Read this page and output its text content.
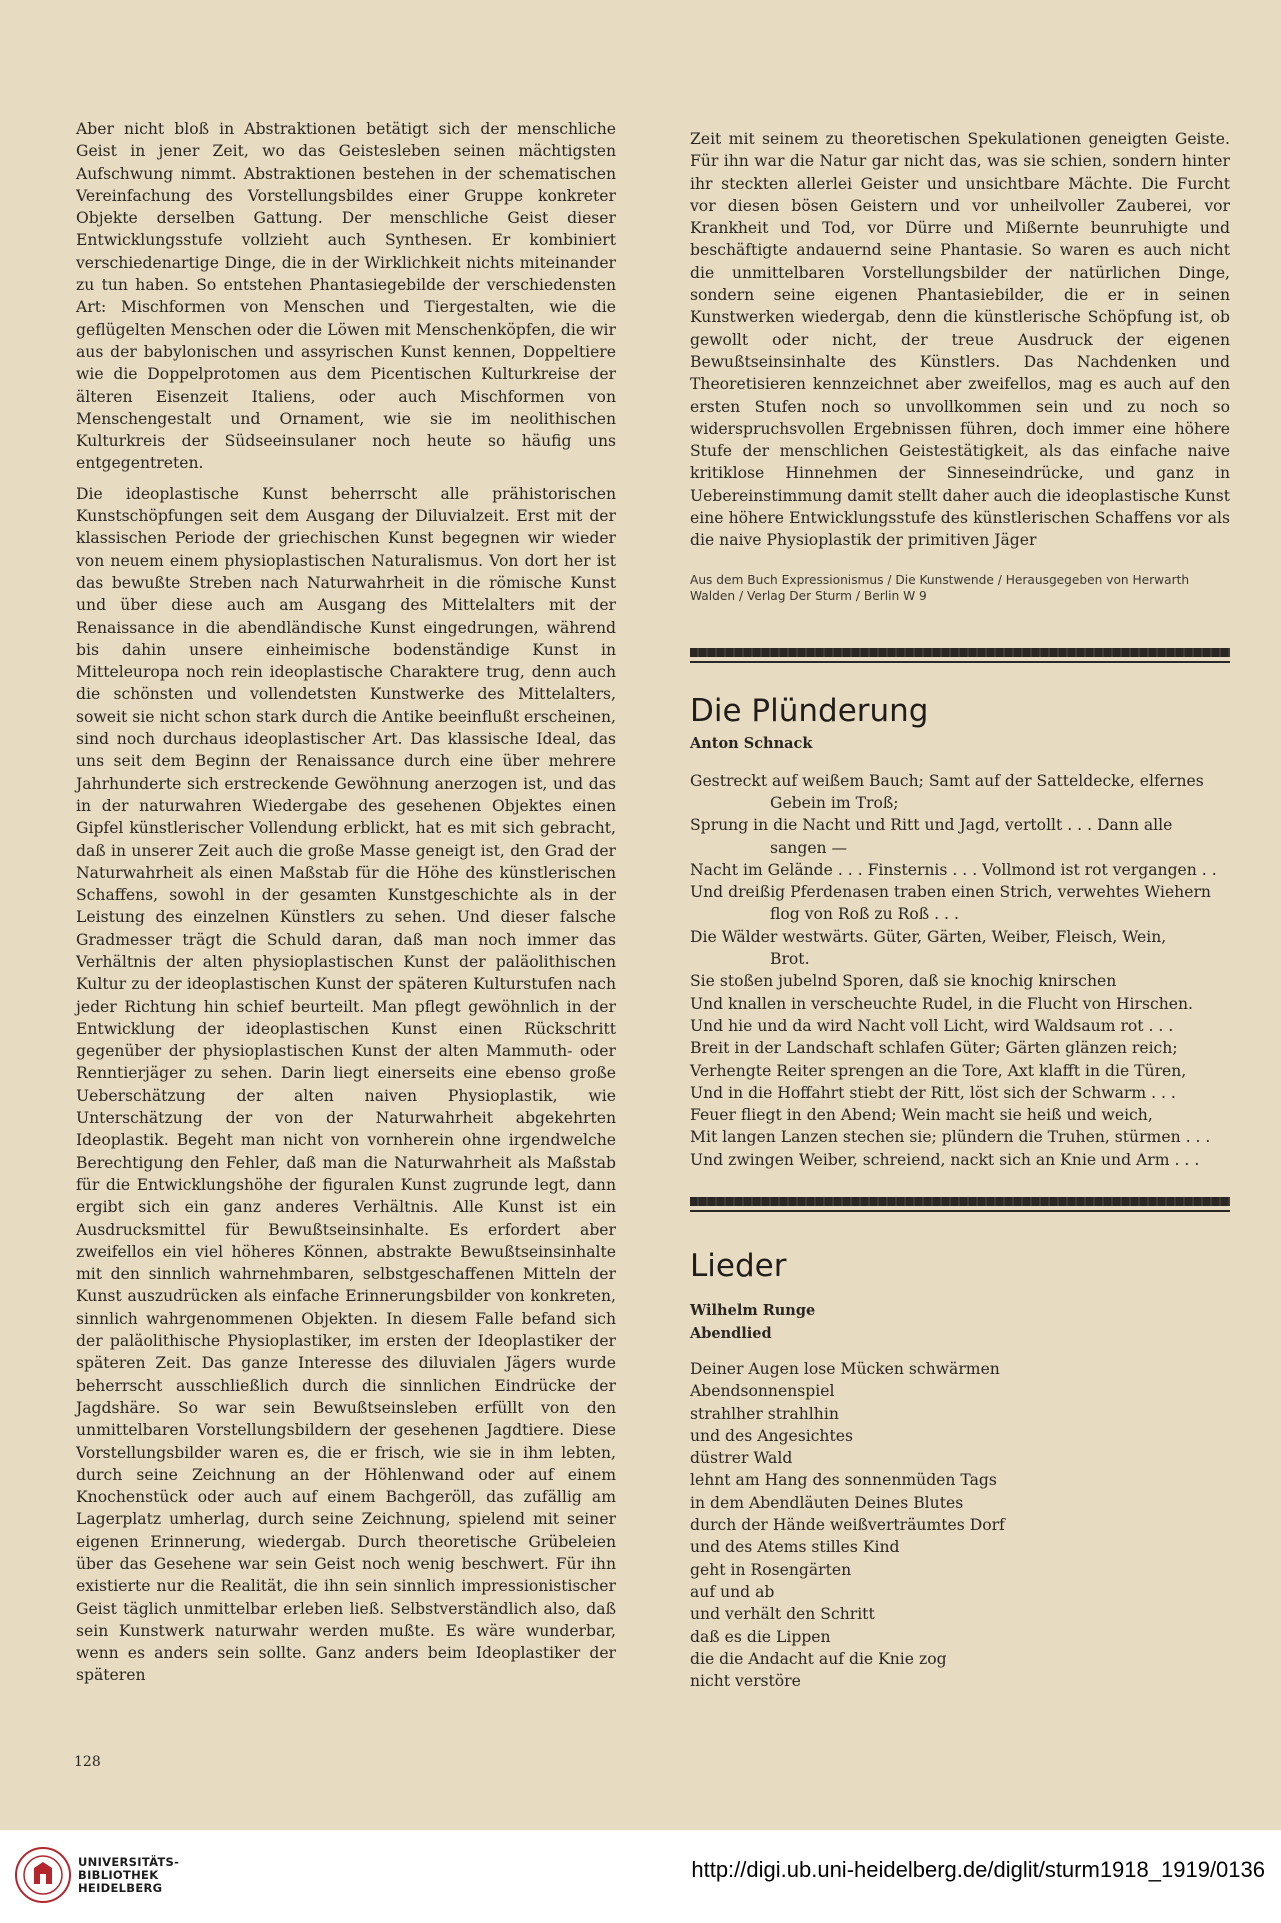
Aber nicht bloß in Abstraktionen betätigt sich der menschliche Geist in jener Zeit, wo das Geistesleben seinen mächtigsten Aufschwung nimmt. Abstraktionen bestehen in der schematischen Vereinfachung des Vorstellungsbildes einer Gruppe konkreter Objekte derselben Gattung. Der menschliche Geist dieser Entwicklungsstufe vollzieht auch Synthesen. Er kombiniert verschiedenartige Dinge, die in der Wirklichkeit nichts miteinander zu tun haben. So entstehen Phantasiegebilde der verschiedensten Art: Mischformen von Menschen und Tiergestalten, wie die geflügelten Menschen oder die Löwen mit Menschenköpfen, die wir aus der babylonischen und assyrischen Kunst kennen, Doppeltiere wie die Doppelprotomen aus dem Picentischen Kulturkreise der älteren Eisenzeit Italiens, oder auch Mischformen von Menschengestalt und Ornament, wie sie im neolithischen Kulturkreis der Südseeinsulaner noch heute so häufig uns entgegentreten.

Die ideoplastische Kunst beherrscht alle prähistorischen Kunstschöpfungen seit dem Ausgang der Diluvialzeit. Erst mit der klassischen Periode der griechischen Kunst begegnen wir wieder von neuem einem physioplastischen Naturalismus. Von dort her ist das bewußte Streben nach Naturwahrheit in die römische Kunst und über diese auch am Ausgang des Mittelalters mit der Renaissance in die abendländische Kunst eingedrungen, während bis dahin unsere einheimische bodenständige Kunst in Mitteleuropa noch rein ideoplastische Charaktere trug, denn auch die schönsten und vollendetsten Kunstwerke des Mittelalters, soweit sie nicht schon stark durch die Antike beeinflußt erscheinen, sind noch durchaus ideoplastischer Art. Das klassische Ideal, das uns seit dem Beginn der Renaissance durch eine über mehrere Jahrhunderte sich erstreckende Gewöhnung anerzogen ist, und das in der naturwahren Wiedergabe des gesehenen Objektes einen Gipfel künstlerischer Vollendung erblickt, hat es mit sich gebracht, daß in unserer Zeit auch die große Masse geneigt ist, den Grad der Naturwahrheit als einen Maßstab für die Höhe des künstlerischen Schaffens, sowohl in der gesamten Kunstgeschichte als in der Leistung des einzelnen Künstlers zu sehen. Und dieser falsche Gradmesser trägt die Schuld daran, daß man noch immer das Verhältnis der alten physioplastischen Kunst der paläolithischen Kultur zu der ideoplastischen Kunst der späteren Kulturstufen nach jeder Richtung hin schief beurteilt. Man pflegt gewöhnlich in der Entwicklung der ideoplastischen Kunst einen Rückschritt gegenüber der physioplastischen Kunst der alten Mammuth- oder Renntierjäger zu sehen. Darin liegt einerseits eine ebenso große Ueberschätzung der alten naiven Physioplastik, wie Unterschätzung der von der Naturwahrheit abgekehrten Ideoplastik. Begeht man nicht von vornherein ohne irgendwelche Berechtigung den Fehler, daß man die Naturwahrheit als Maßstab für die Entwicklungshöhe der figuralen Kunst zugrunde legt, dann ergibt sich ein ganz anderes Verhältnis. Alle Kunst ist ein Ausdrucksmittel für Bewußtseinsinhalte. Es erfordert aber zweifellos ein viel höheres Können, abstrakte Bewußtseinsinhalte mit den sinnlich wahrnehmbaren, selbstgeschaffenen Mitteln der Kunst auszudrücken als einfache Erinnerungsbilder von konkreten, sinnlich wahrgenommenen Objekten. In diesem Falle befand sich der paläolithische Physioplastiker, im ersten der Ideoplastiker der späteren Zeit. Das ganze Interesse des diluvialen Jägers wurde beherrscht ausschließlich durch die sinnlichen Eindrücke der Jagdshäre. So war sein Bewußtseinsleben erfüllt von den unmittelbaren Vorstellungsbildern der gesehenen Jagdtiere. Diese Vorstellungsbilder waren es, die er frisch, wie sie in ihm lebten, durch seine Zeichnung an der Höhlenwand oder auf einem Knochenstück oder auch auf einem Bachgeröll, das zufällig am Lagerplatz umherlag, durch seine Zeichnung, spielend mit seiner eigenen Erinnerung, wiedergab. Durch theoretische Grübeleien über das Gesehene war sein Geist noch wenig beschwert. Für ihn existierte nur die Realität, die ihn sein sinnlich impressionistischer Geist täglich unmittelbar erleben ließ. Selbstverständlich also, daß sein Kunstwerk naturwahr werden mußte. Es wäre wunderbar, wenn es anders sein sollte. Ganz anders beim Ideoplastiker der späteren

Zeit mit seinem zu theoretischen Spekulationen geneigten Geiste. Für ihn war die Natur gar nicht das, was sie schien, sondern hinter ihr steckten allerlei Geister und unsichtbare Mächte. Die Furcht vor diesen bösen Geistern und vor unheilvoller Zauberei, vor Krankheit und Tod, vor Dürre und Mißernte beunruhigte und beschäftigte andauernd seine Phantasie. So waren es auch nicht die unmittelbaren Vorstellungsbilder der natürlichen Dinge, sondern seine eigenen Phantasiebilder, die er in seinen Kunstwerken wiedergab, denn die künstlerische Schöpfung ist, ob gewollt oder nicht, der treue Ausdruck der eigenen Bewußtseinsinhalte des Künstlers. Das Nachdenken und Theoretisieren kennzeichnet aber zweifellos, mag es auch auf den ersten Stufen noch so unvollkommen sein und zu noch so widerspruchsvollen Ergebnissen führen, doch immer eine höhere Stufe der menschlichen Geistestätigkeit, als das einfache naive kritiklose Hinnehmen der Sinneseindrücke, und ganz in Uebereinstimmung damit stellt daher auch die ideoplastische Kunst eine höhere Entwicklungsstufe des künstlerischen Schaffens vor als die naive Physioplastik der primitiven Jäger

Aus dem Buch Expressionismus / Die Kunstwende / Herausgegeben von Herwarth Walden / Verlag Der Sturm / Berlin W 9
Die Plünderung
Anton Schnack
Gestreckt auf weißem Bauch; Samt auf der Satteldecke, elfernes
Gebein im Troß;
Sprung in die Nacht und Ritt und Jagd, vertollt . . . Dann alle
sangen —
Nacht im Gelände . . . Finsternis . . . Vollmond ist rot vergangen . .
Und dreißig Pferdenasen traben einen Strich, verwehtes Wiehern
flog von Roß zu Roß . . .
Die Wälder westwärts. Güter, Gärten, Weiber, Fleisch, Wein,
Brot.
Sie stoßen jubelnd Sporen, daß sie knochig knirschen
Und knallen in verscheuchte Rudel, in die Flucht von Hirschen.
Und hie und da wird Nacht voll Licht, wird Waldsaum rot . . .
Breit in der Landschaft schlafen Güter; Gärten glänzen reich;
Verhengte Reiter sprengen an die Tore, Axt klafft in die Türen,
Und in die Hoffahrt stiebt der Ritt, löst sich der Schwarm . . .
Feuer fliegt in den Abend; Wein macht sie heiß und weich,
Mit langen Lanzen stechen sie; plündern die Truhen, stürmen . . .
Und zwingen Weiber, schreiend, nackt sich an Knie und Arm . . .
Lieder
Wilhelm Runge
Abendlied
Deiner Augen lose Mücken schwärmen
Abendsonnenspiel
strahlher strahlhin
und des Angesichtes
düstrer Wald
lehnt am Hang des sonnenmüden Tags
in dem Abendläuten Deines Blutes
durch der Hände weißverträumtes Dorf
und des Atems stilles Kind
geht in Rosengärten
auf und ab
und verhält den Schritt
daß es die Lippen
die die Andacht auf die Knie zog
nicht verstöre
128
UNIVERSITÄTS-
BIBLIOTHEK
HEIDELBERG
http://digi.ub.uni-heidelberg.de/diglit/sturm1918_1919/0136
